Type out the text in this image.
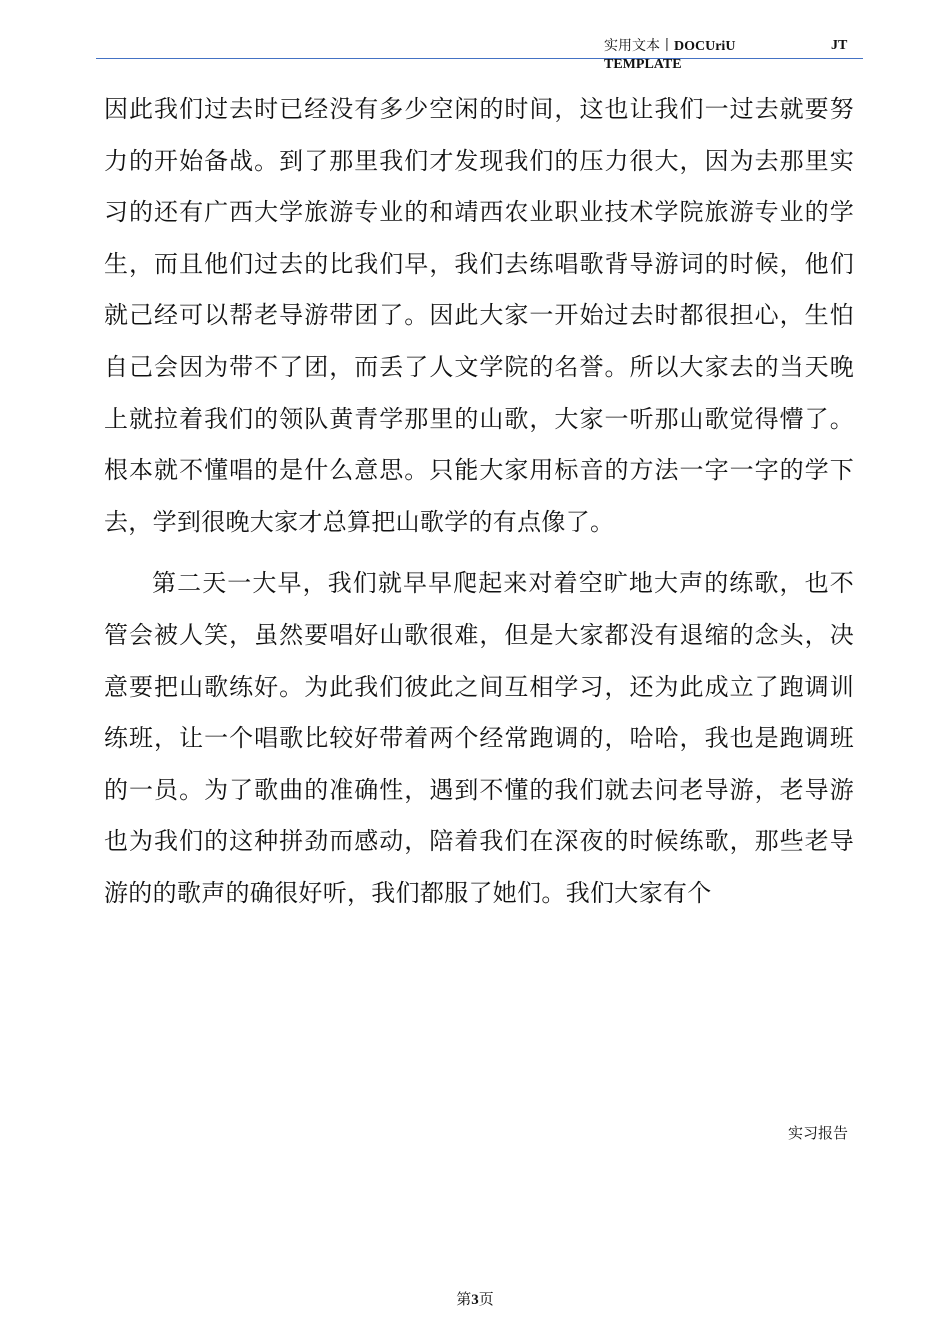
实用文本丨DOCUriU
TEMPLATE
JT

因此我们过去时已经没有多少空闲的时间，这也让我们一过去就要努力的开始备战。到了那里我们才发现我们的压力很大，因为去那里实习的还有广西大学旅游专业的和靖西农业职业技术学院旅游专业的学生，而且他们过去的比我们早，我们去练唱歌背导游词的时候，他们就己经可以帮老导游带团了。因此大家一开始过去时都很担心，生怕自己会因为带不了团，而丢了人文学院的名誉。所以大家去的当天晚上就拉着我们的领队黄青学那里的山歌，大家一听那山歌觉得懵了。根本就不懂唱的是什么意思。只能大家用标音的方法一字一字的学下去，学到很晚大家才总算把山歌学的有点像了。

第二天一大早，我们就早早爬起来对着空旷地大声的练歌，也不管会被人笑，虽然要唱好山歌很难，但是大家都没有退缩的念头，决意要把山歌练好。为此我们彼此之间互相学习，还为此成立了跑调训练班，让一个唱歌比较好带着两个经常跑调的，哈哈，我也是跑调班的一员。为了歌曲的准确性，遇到不懂的我们就去问老导游，老导游也为我们的这种拼劲而感动，陪着我们在深夜的时候练歌，那些老导游的的歌声的确很好听，我们都服了她们。我们大家有个

实习报告
第3页
